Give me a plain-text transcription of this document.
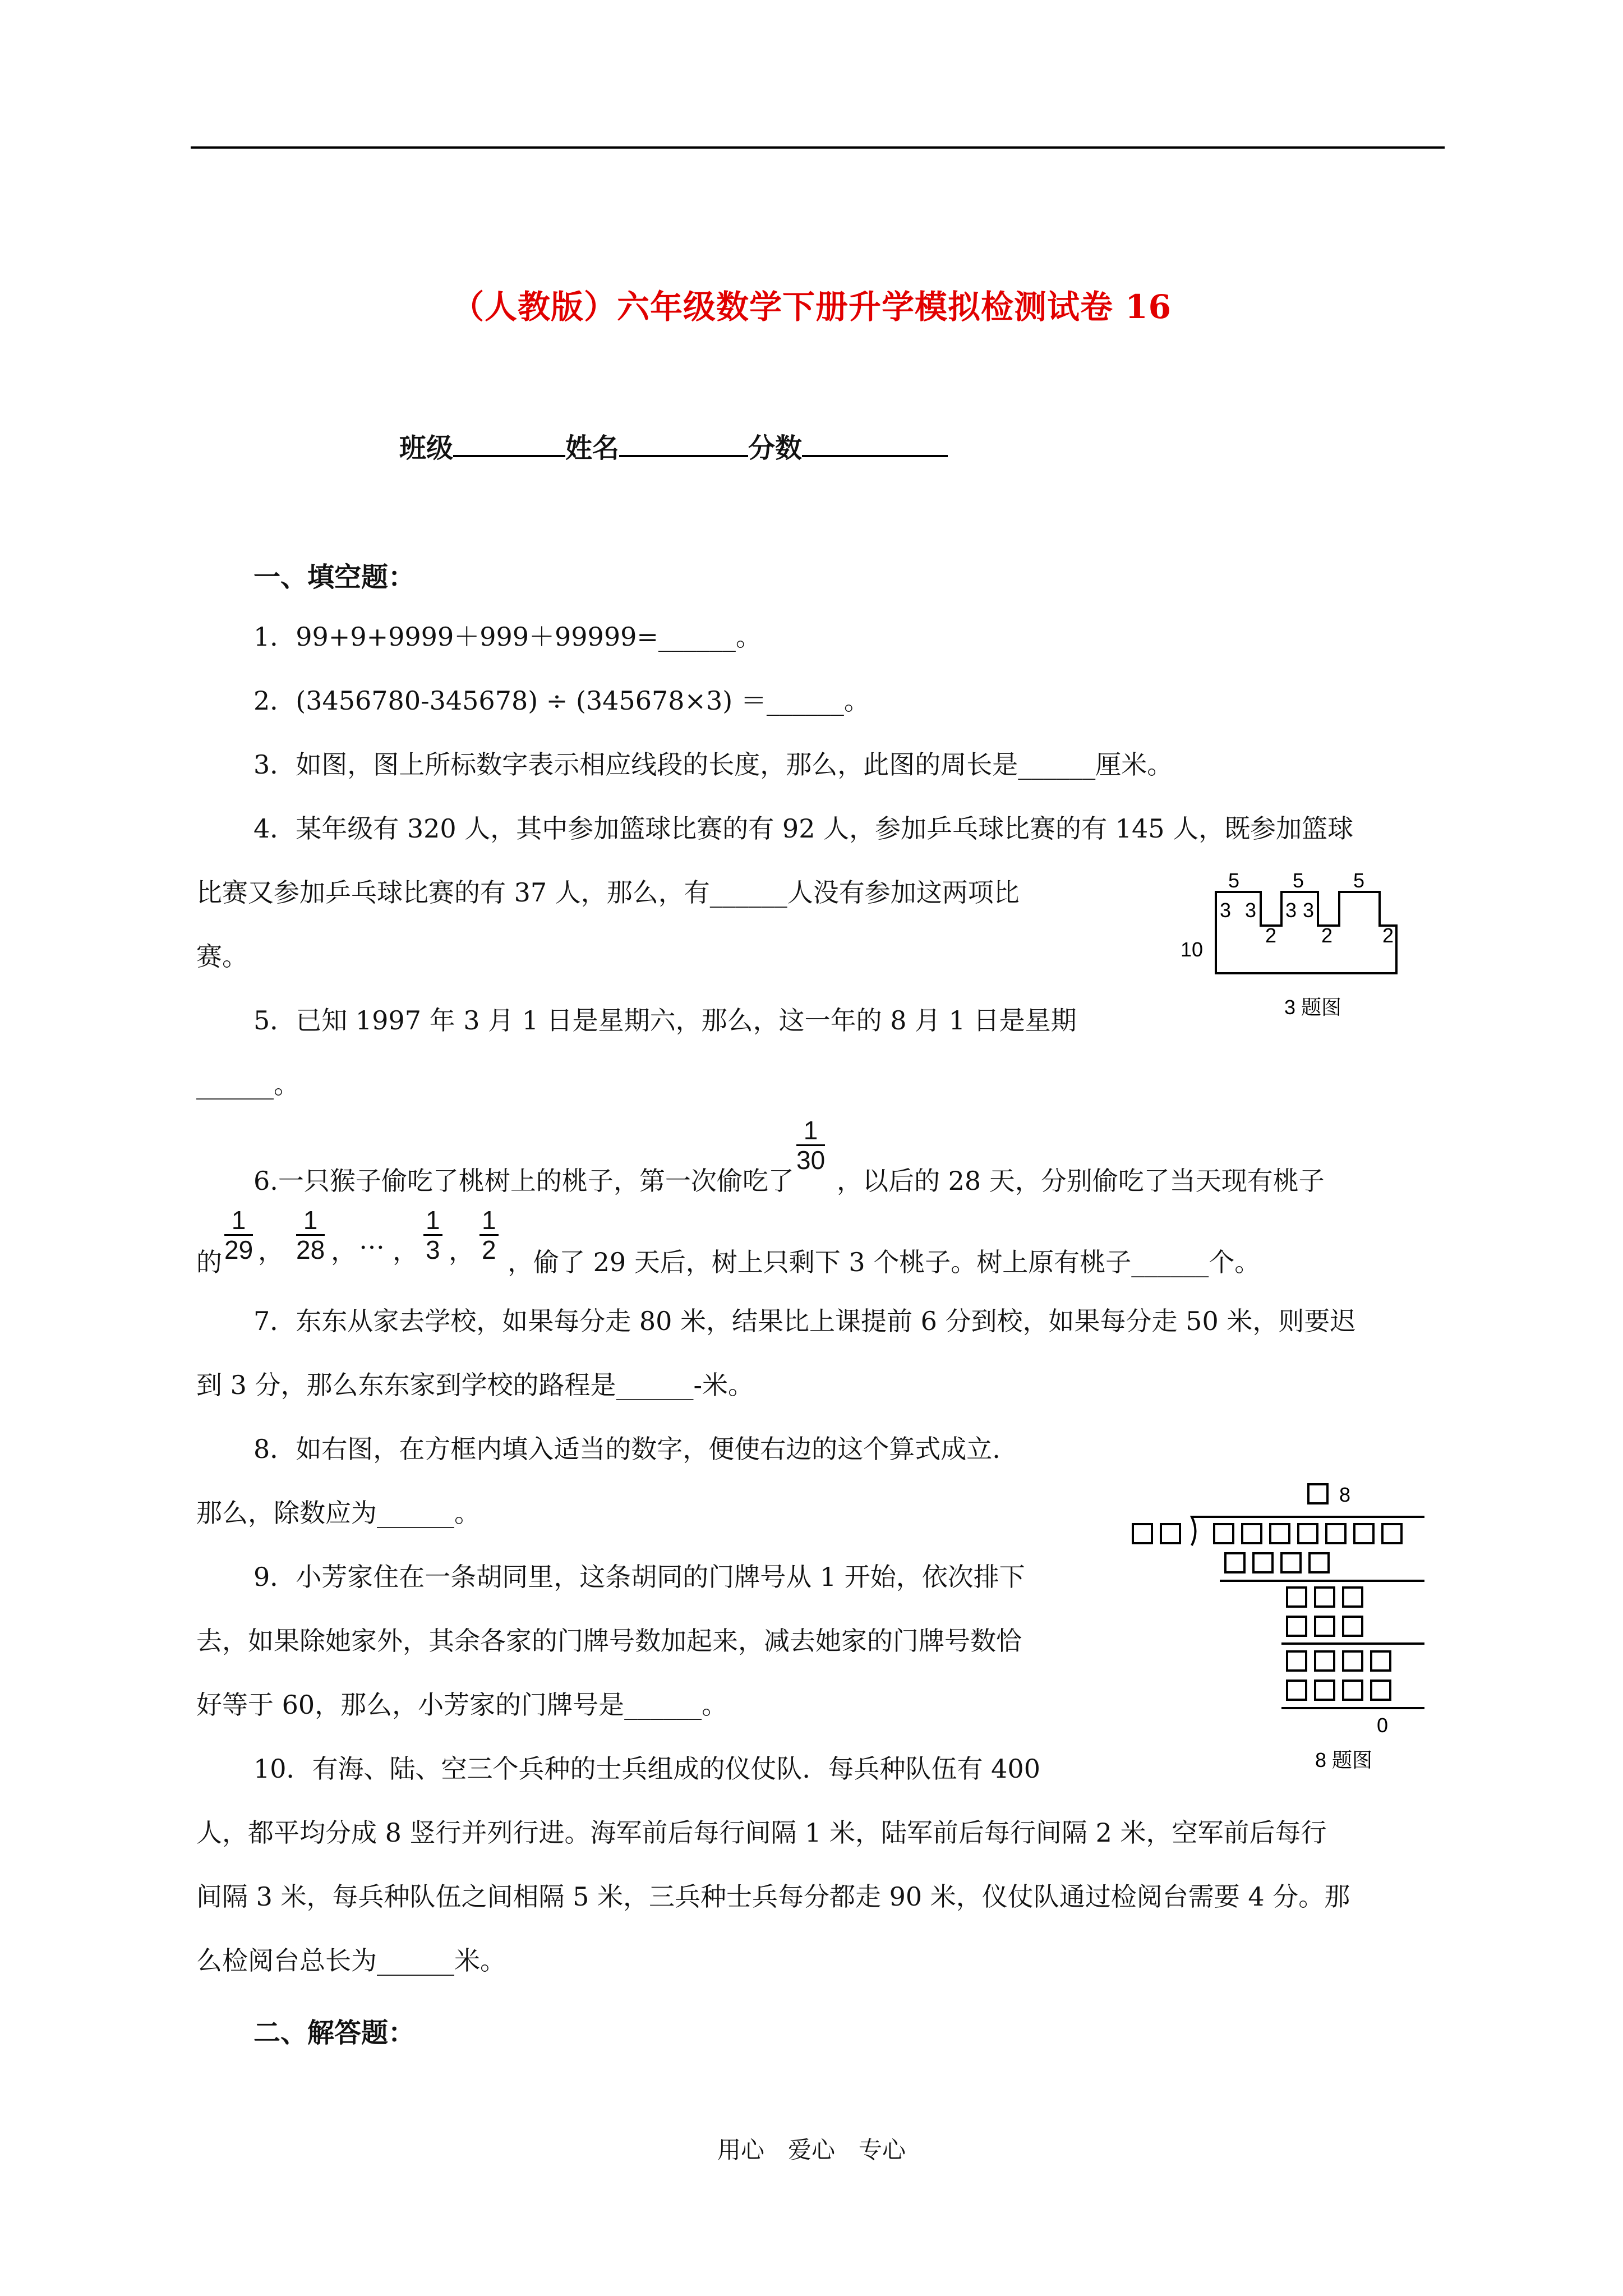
（人教版）六年级数学下册升学模拟检测试卷 16
班级	姓名	分数
一、填空题：
1．99+9+9999＋999＋99999=______。
2．(3456780-345678) ÷ (345678×3) ＝______。
3．如图，图上所标数字表示相应线段的长度，那么，此图的周长是______厘米。
4．某年级有 320 人，其中参加篮球比赛的有 92 人，参加乒乓球比赛的有 145 人，既参加篮球
比赛又参加乒乓球比赛的有 37 人，那么，有______人没有参加这两项比
赛。
5．已知 1997 年 3 月 1 日是星期六，那么，这一年的 8 月 1 日是星期
______。
6.一只猴子偷吃了桃树上的桃子，第一次偷吃了
$\frac{1}{30}$
，以后的 28 天，分别偷吃了当天现有桃子
的 $\frac{1}{29}$ ， $\frac{1}{28}$ ， … ， $\frac{1}{3}$ ， $\frac{1}{2}$ ，偷了 29 天后，树上只剩下 3 个桃子。树上原有桃子______个。
7．东东从家去学校，如果每分走 80 米，结果比上课提前 6 分到校，如果每分走 50 米，则要迟
到 3 分，那么东东家到学校的路程是______-米。
8．如右图，在方框内填入适当的数字，便使右边的这个算式成立.
那么，除数应为______。
9．小芳家住在一条胡同里，这条胡同的门牌号从 1 开始，依次排下
去，如果除她家外，其余各家的门牌号数加起来，减去她家的门牌号数恰
好等于 60，那么，小芳家的门牌号是______。
10．有海、陆、空三个兵种的士兵组成的仪仗队．每兵种队伍有 400
人，都平均分成 8 竖行并列行进。海军前后每行间隔 1 米，陆军前后每行间隔 2 米，空军前后每行
间隔 3 米，每兵种队伍之间相隔 5 米，三兵种士兵每分都走 90 米，仪仗队通过检阅台需要 4 分。那
么检阅台总长为______米。
二、解答题：
5	5 5
3 3
2
3 3
2 2
10
3 题图
8
0
8 题图
用心　爱心　专心
